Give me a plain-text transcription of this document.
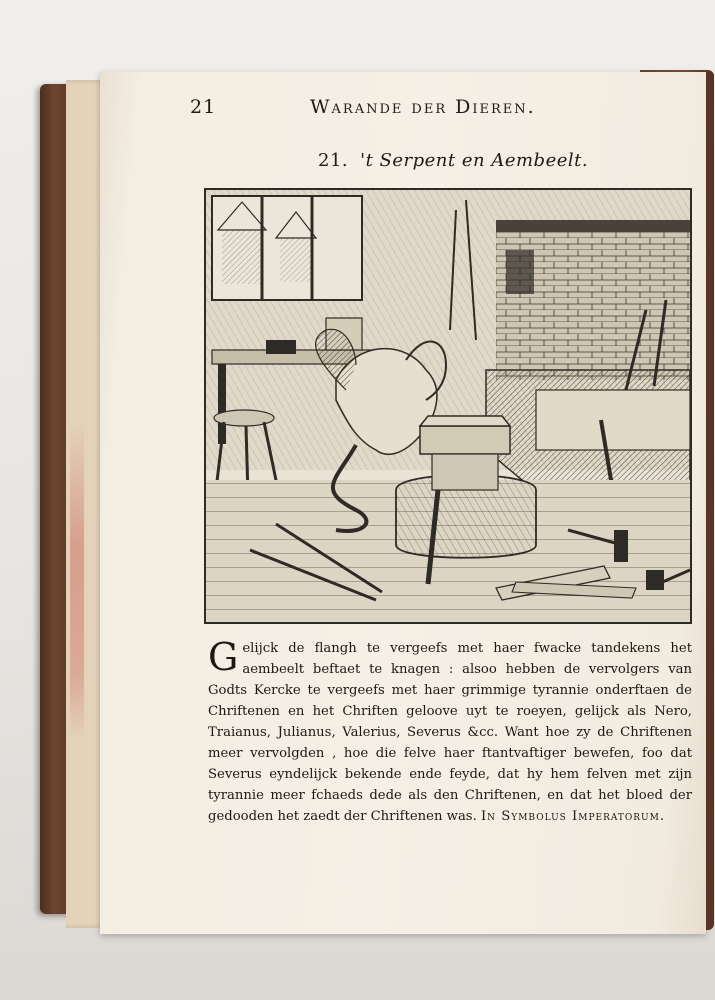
21	Warande der Dieren.
21. 't Serpent en Aembeelt.
Gelijck de flangh te vergeefs met haer fwacke tandekens het aembeelt beftaet te knagen : alsoo hebben de vervolgers van Godts Kercke te vergeefs met haer grimmige tyrannie onderftaen de Chriftenen en het Chriften geloove uyt te roeyen, gelijck als Nero, Traianus, Julianus, Valerius, Severus &cc. Want hoe zy de Chriftenen meer vervolgden , hoe die felve haer ftantvaftiger bewefen, foo dat Severus eyndelijck bekende ende feyde, dat hy hem felven met zijn tyrannie meer fchaeds dede als den Chriftenen, en dat het bloed der gedooden het zaedt der Chriftenen was. In Symbolus Imperatorum.
